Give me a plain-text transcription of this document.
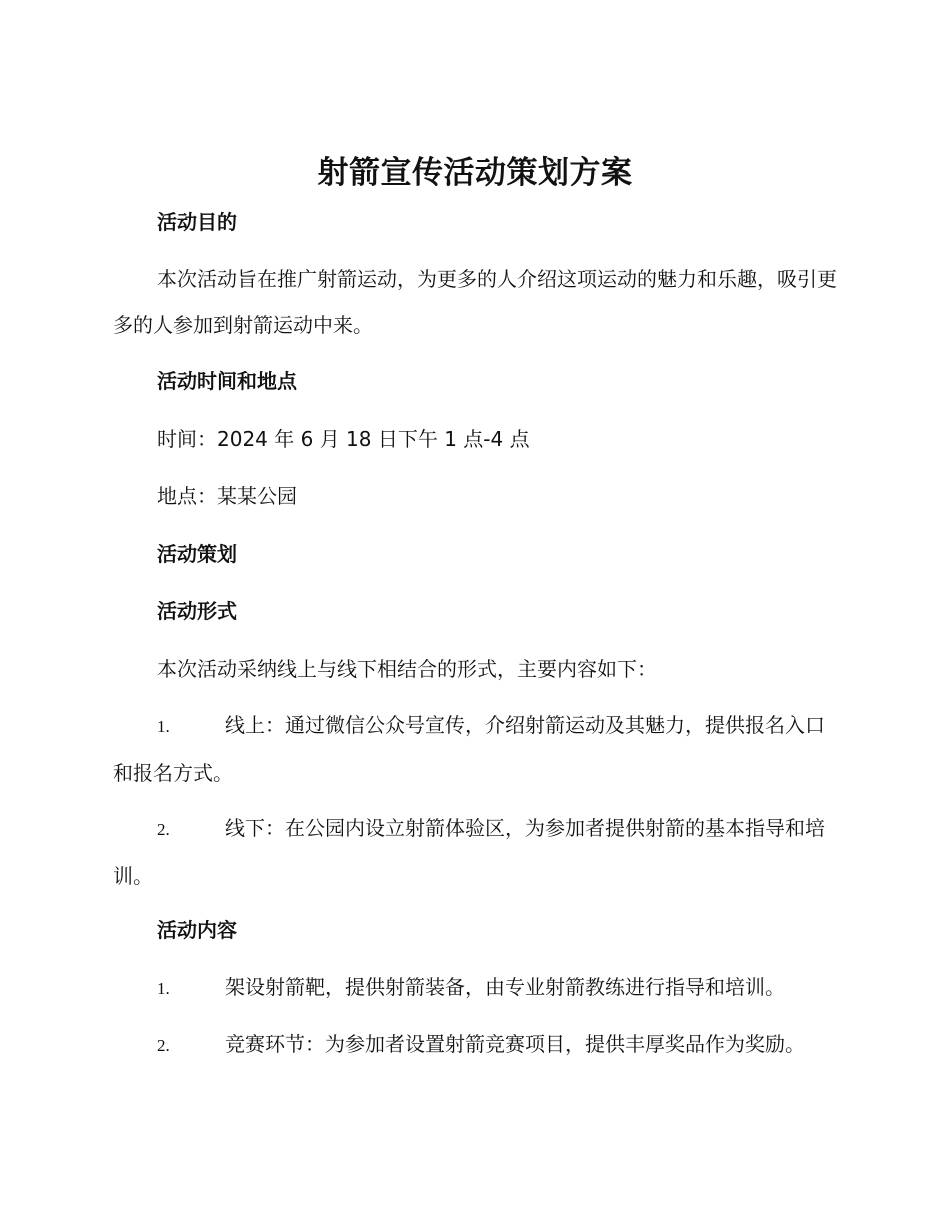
射箭宣传活动策划方案
活动目的

本次活动旨在推广射箭运动，为更多的人介绍这项运动的魅力和乐趣，吸引更多的人参加到射箭运动中来。

活动时间和地点

时间：2024 年 6 月 18 日下午 1 点-4 点

地点：某某公园

活动策划
活动形式

本次活动采纳线上与线下相结合的形式，主要内容如下：

1.	线上：通过微信公众号宣传，介绍射箭运动及其魅力，提供报名入口和报名方式。

2.	线下：在公园内设立射箭体验区，为参加者提供射箭的基本指导和培训。

活动内容

1.	架设射箭靶，提供射箭装备，由专业射箭教练进行指导和培训。

2.	竞赛环节：为参加者设置射箭竞赛项目，提供丰厚奖品作为奖励。
